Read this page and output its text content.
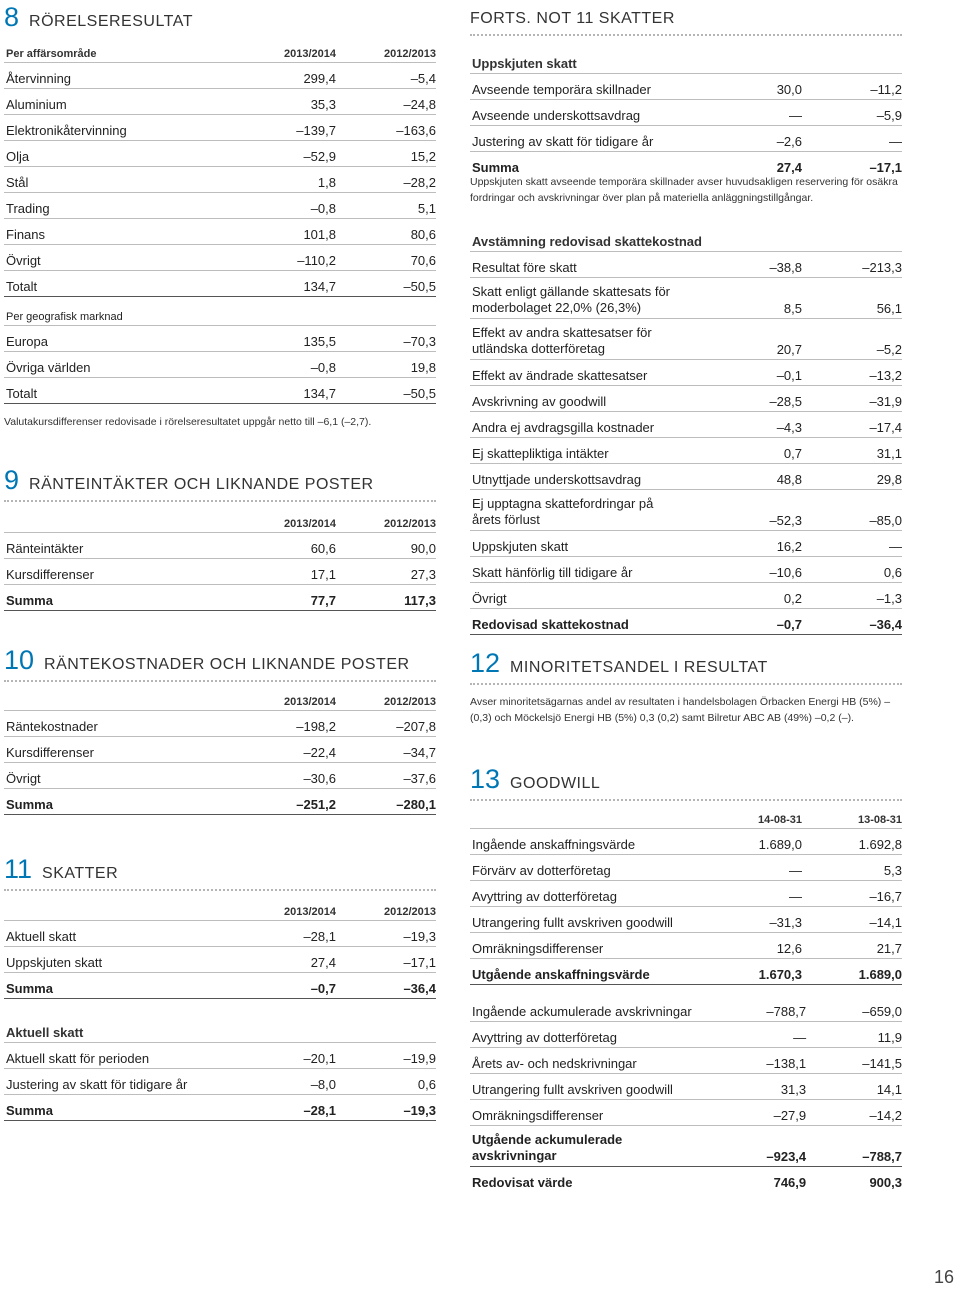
8 RÖRELSERESULTAT
Per affärsområde	2013/2014	2012/2013
Återvinning	299,4	–5,4
Aluminium	35,3	–24,8
Elektronikåtervinning	–139,7	–163,6
Olja	–52,9	15,2
Stål	1,8	–28,2
Trading	–0,8	5,1
Finans	101,8	80,6
Övrigt	–110,2	70,6
Totalt	134,7	–50,5
Per geografisk marknad		
Europa	135,5	–70,3
Övriga världen	–0,8	19,8
Totalt	134,7	–50,5
Valutakursdifferenser redovisade i rörelseresultatet uppgår netto till –6,1 (–2,7).
9 RÄNTEINTÄKTER OCH LIKNANDE POSTER
	2013/2014	2012/2013
Ränteintäkter	60,6	90,0
Kursdifferenser	17,1	27,3
Summa	77,7	117,3
10 RÄNTEKOSTNADER OCH LIKNANDE POSTER
	2013/2014	2012/2013
Räntekostnader	–198,2	–207,8
Kursdifferenser	–22,4	–34,7
Övrigt	–30,6	–37,6
Summa	–251,2	–280,1
11 SKATTER
	2013/2014	2012/2013
Aktuell skatt	–28,1	–19,3
Uppskjuten skatt	27,4	–17,1
Summa	–0,7	–36,4
Aktuell skatt		
Aktuell skatt för perioden	–20,1	–19,9
Justering av skatt för tidigare år	–8,0	0,6
Summa	–28,1	–19,3
FORTS. NOT 11 SKATTER
Uppskjuten skatt		
Avseende temporära skillnader	30,0	–11,2
Avseende underskottsavdrag	—	–5,9
Justering av skatt för tidigare år	–2,6	—
Summa	27,4	–17,1
Uppskjuten skatt avseende temporära skillnader avser huvudsakligen reservering för osäkra fordringar och avskrivningar över plan på materiella anläggningstillgångar.
Avstämning redovisad skattekostnad		
Resultat före skatt	–38,8	–213,3
Skatt enligt gällande skattesats för moderbolaget 22,0% (26,3%)	8,5	56,1
Effekt av andra skattesatser för utländska dotterföretag	20,7	–5,2
Effekt av ändrade skattesatser	–0,1	–13,2
Avskrivning av goodwill	–28,5	–31,9
Andra ej avdragsgilla kostnader	–4,3	–17,4
Ej skattepliktiga intäkter	0,7	31,1
Utnyttjade underskottsavdrag	48,8	29,8
Ej upptagna skattefordringar på årets förlust	–52,3	–85,0
Uppskjuten skatt	16,2	—
Skatt hänförlig till tidigare år	–10,6	0,6
Övrigt	0,2	–1,3
Redovisad skattekostnad	–0,7	–36,4
12 MINORITETSANDEL I RESULTAT
Avser minoritetsägarnas andel av resultaten i handelsbolagen Örbacken Energi HB (5%) – (0,3) och Möckelsjö Energi HB (5%) 0,3 (0,2) samt Bilretur ABC AB (49%) –0,2 (–).
13 GOODWILL
	14-08-31	13-08-31
Ingående anskaffningsvärde	1.689,0	1.692,8
Förvärv av dotterföretag	—	5,3
Avyttring av dotterföretag	—	–16,7
Utrangering fullt avskriven goodwill	–31,3	–14,1
Omräkningsdifferenser	12,6	21,7
Utgående anskaffningsvärde	1.670,3	1.689,0
Ingående ackumulerade avskrivningar	–788,7	–659,0
Avyttring av dotterföretag	—	11,9
Årets av- och nedskrivningar	–138,1	–141,5
Utrangering fullt avskriven goodwill	31,3	14,1
Omräkningsdifferenser	–27,9	–14,2
Utgående ackumulerade avskrivningar	–923,4	–788,7
Redovisat värde	746,9	900,3
16
